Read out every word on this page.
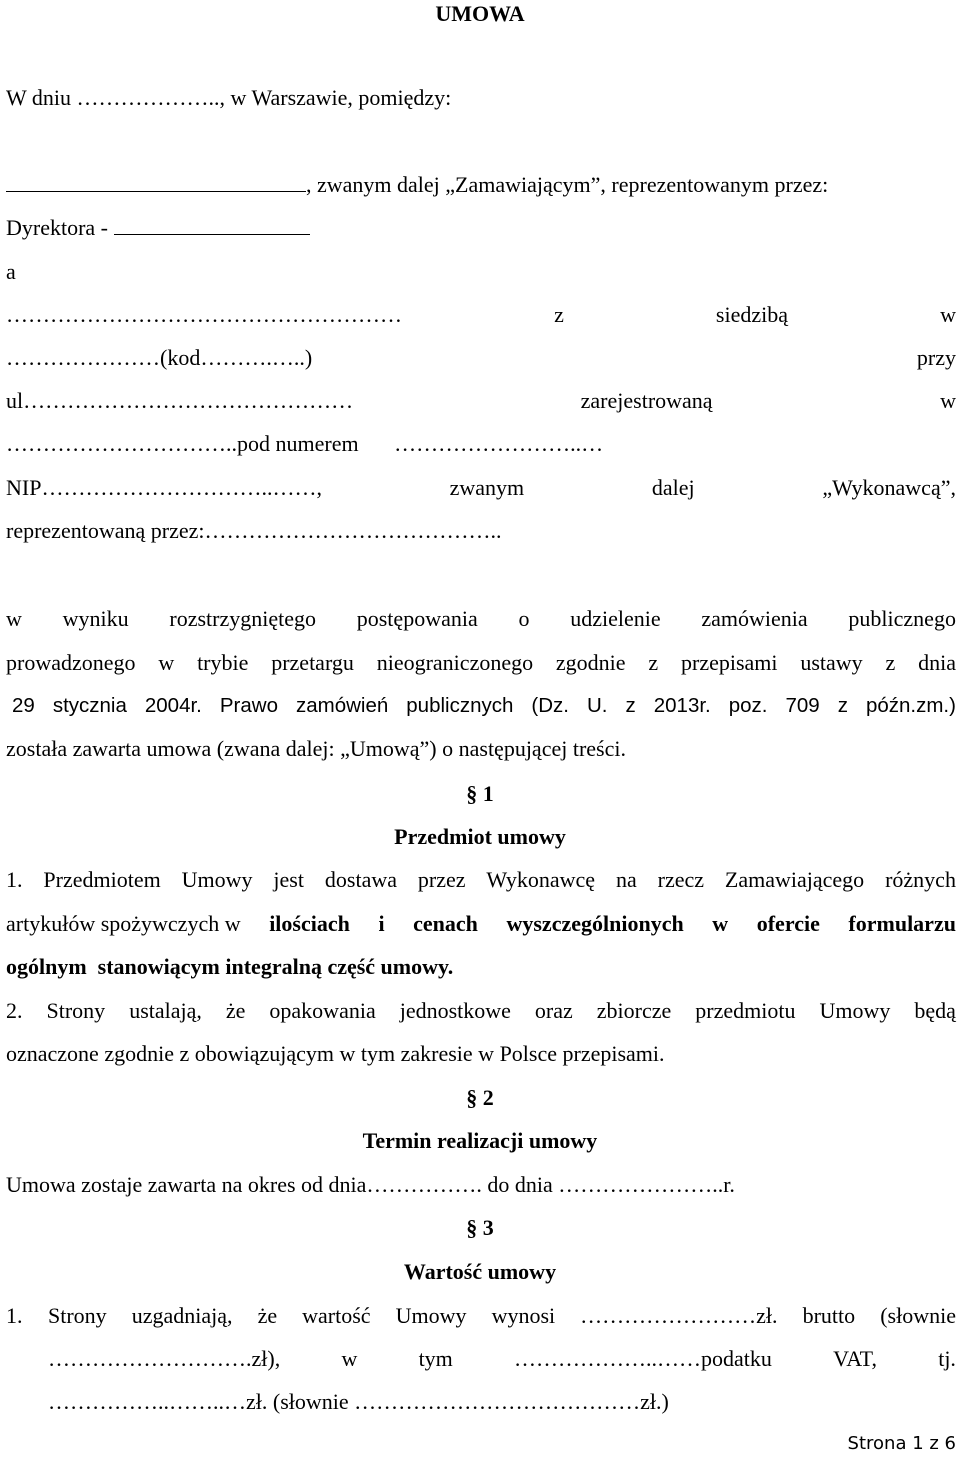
UMOWA
W dniu ……………….., w Warszawie, pomiędzy:
, zwanym dalej „Zamawiającym”, reprezentowanym przez:
Dyrektora -
a
………………………………………………	z	siedzibą	w
…………………(kod……….…..)	przy
ul………………………………………	zarejestrowaną	w
…………………………..pod numerem ……………………..…
NIP…………………………..……,	zwanym	dalej	„Wykonawcą”,
reprezentowaną przez:…………………………………..
w wyniku rozstrzygniętego postępowania o udzielenie zamówienia publicznego
prowadzonego w trybie przetargu nieograniczonego zgodnie z przepisami ustawy z dnia
29 stycznia 2004r. Prawo zamówień publicznych (Dz. U. z 2013r. poz. 709 z późn.zm.)
została zawarta umowa (zwana dalej: „Umową”) o następującej treści.
§ 1
Przedmiot umowy
1. Przedmiotem Umowy jest dostawa przez Wykonawcę na rzecz Zamawiającego różnych
artykułów spożywczych w ilościach i cenach wyszczególnionych w ofercie formularzu
ogólnym  stanowiącym integralną część umowy.
2. Strony ustalają, że opakowania jednostkowe oraz zbiorcze przedmiotu Umowy będą
oznaczone zgodnie z obowiązującym w tym zakresie w Polsce przepisami.
§ 2
Termin realizacji umowy
Umowa zostaje zawarta na okres od dnia……………. do dnia …………………..r.
§ 3
Wartość umowy
1.	Strony uzgadniają, że wartość Umowy wynosi ……………………zł. brutto (słownie
……………………….zł),	w	tym	………………..……podatku	VAT,	tj.
……………..……..…zł. (słownie …………………………………zł.)
Strona 1 z 6
